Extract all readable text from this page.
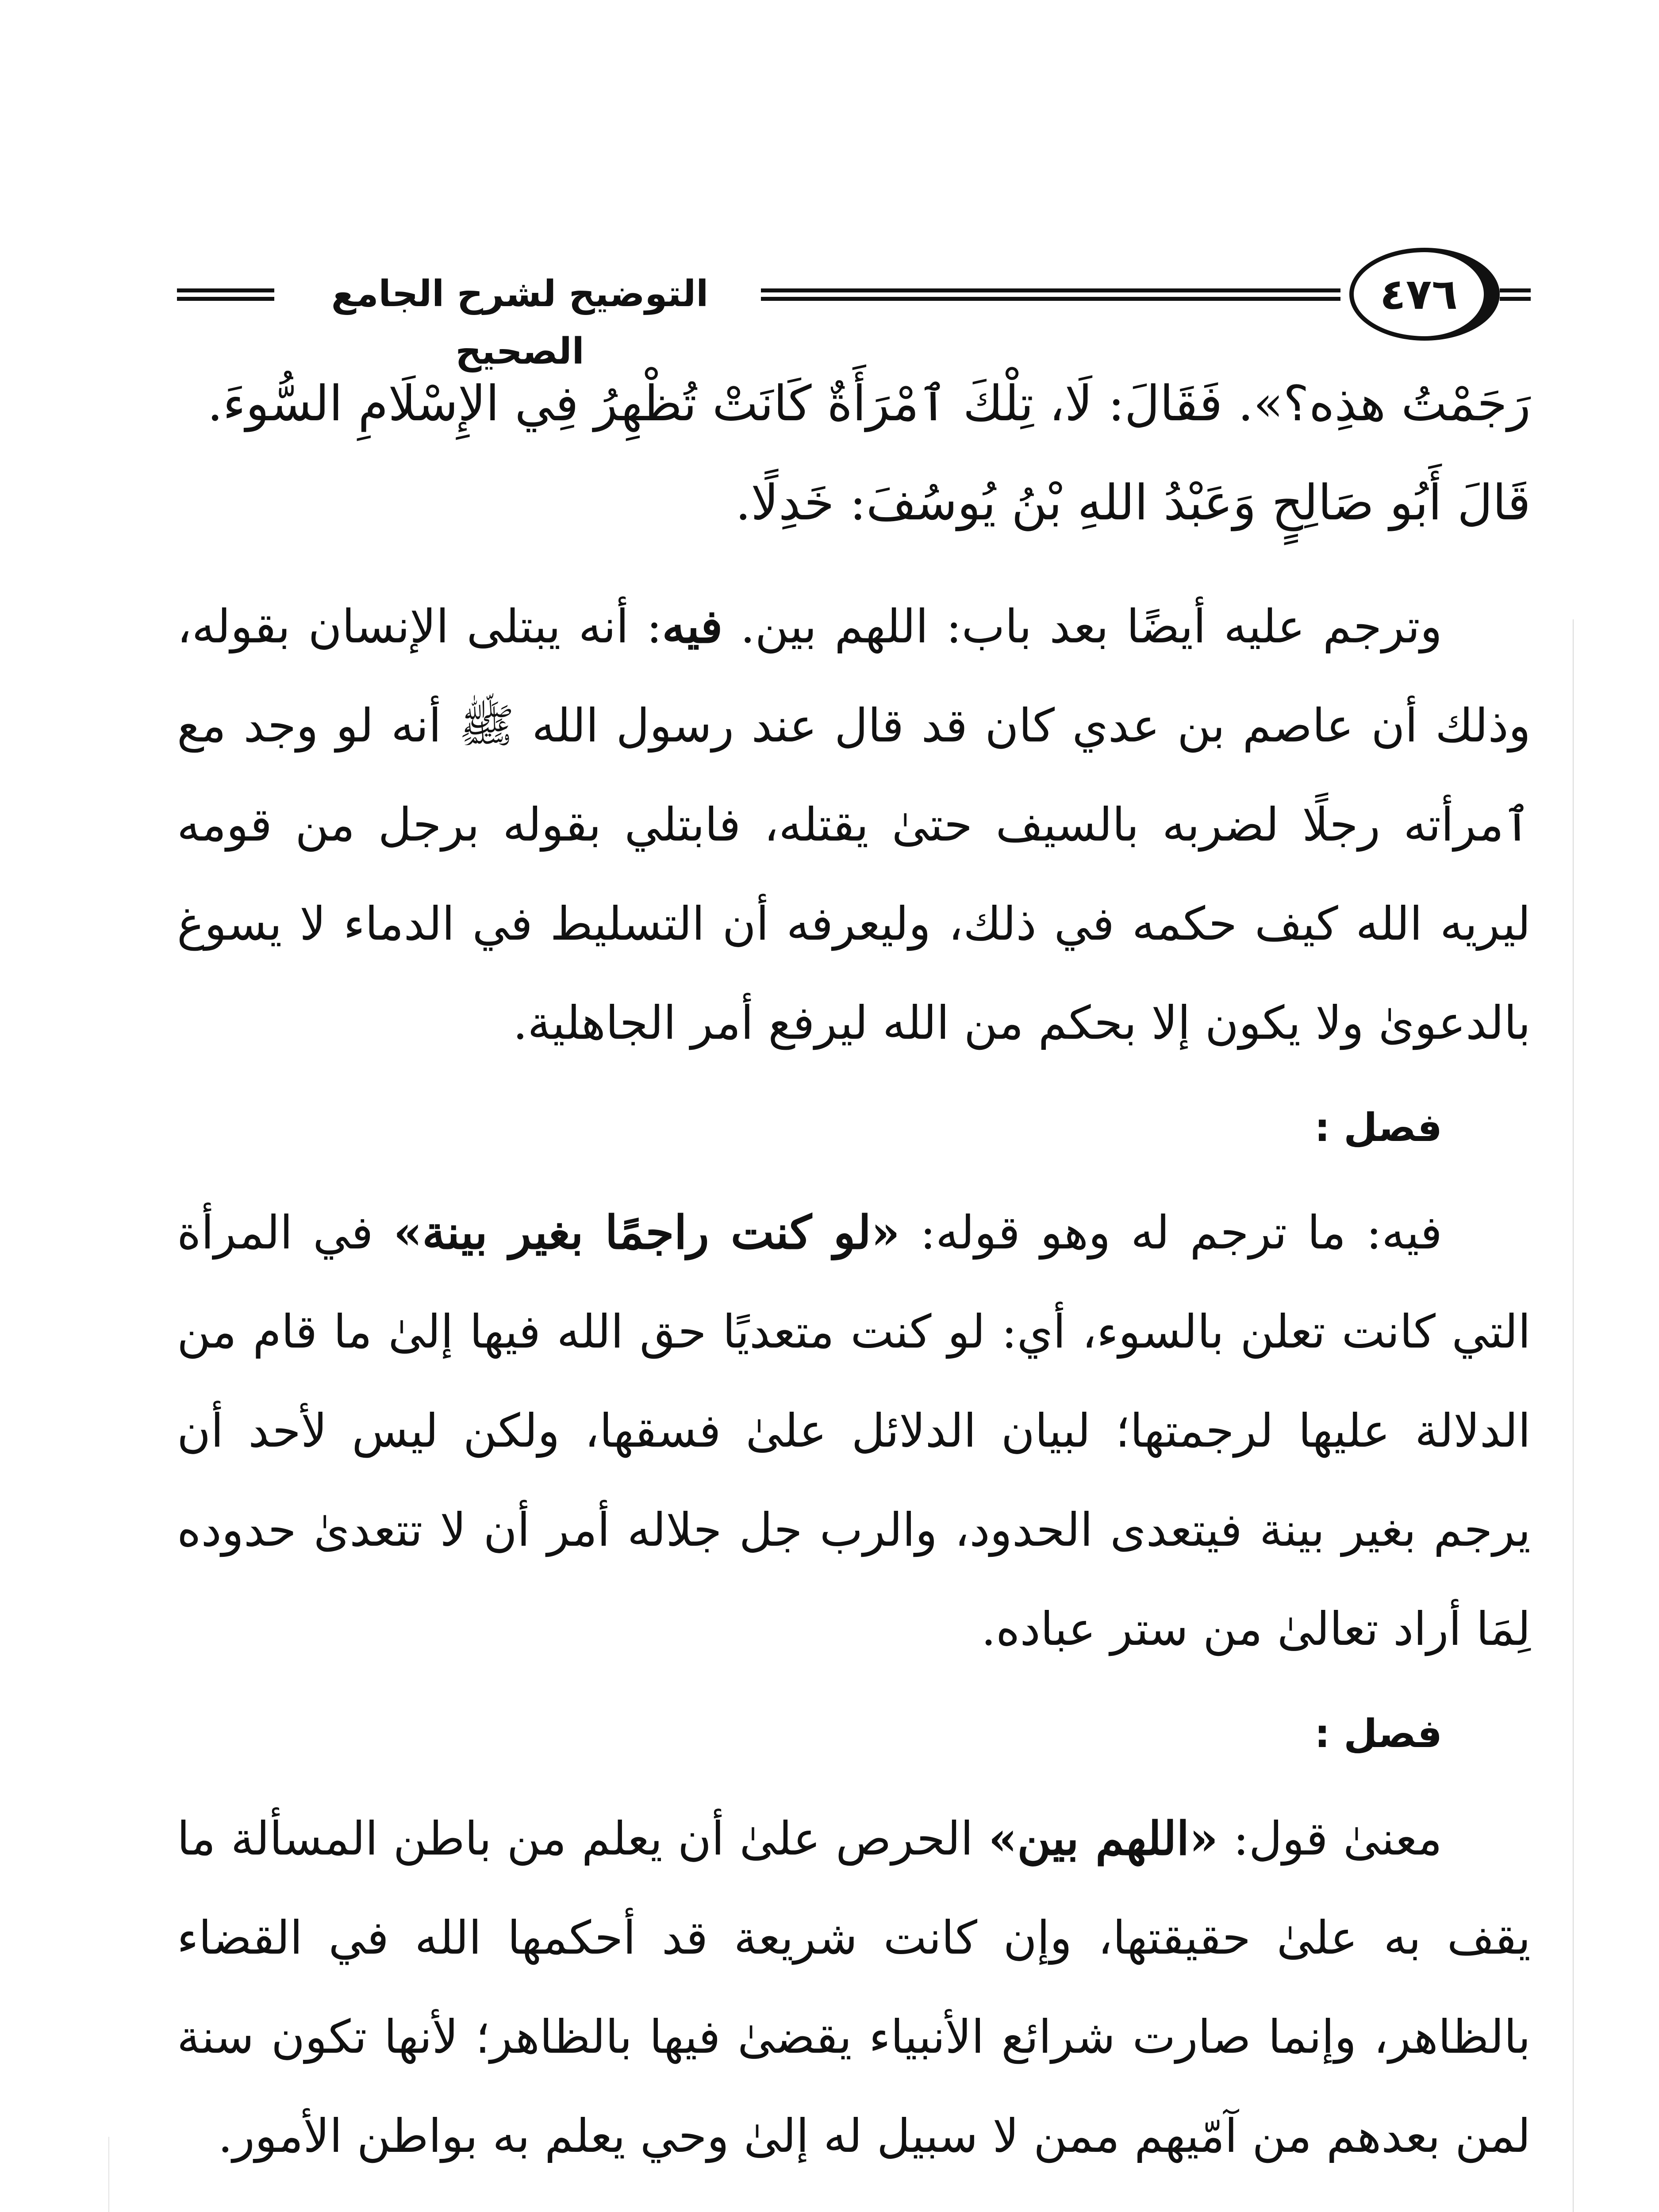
التوضيح لشرح الجامع الصحيح
٤٧٦

رَجَمْتُ هذِه؟». فَقَالَ: لَا، تِلْكَ ٱمْرَأَةٌ كَانَتْ تُظْهِرُ فِي الإِسْلَامِ السُّوءَ.

قَالَ أَبُو صَالِحٍ وَعَبْدُ اللهِ بْنُ يُوسُفَ: خَدِلًا.

وترجم عليه أيضًا بعد باب: اللهم بين. فيه: أنه يبتلى الإنسان بقوله، وذلك أن عاصم بن عدي كان قد قال عند رسول الله ﷺ أنه لو وجد مع ٱمرأته رجلًا لضربه بالسيف حتىٰ يقتله، فابتلي بقوله برجل من قومه ليريه الله كيف حكمه في ذلك، وليعرفه أن التسليط في الدماء لا يسوغ بالدعوىٰ ولا يكون إلا بحكم من الله ليرفع أمر الجاهلية.

فصل :

فيه: ما ترجم له وهو قوله: «لو كنت راجمًا بغير بينة» في المرأة التي كانت تعلن بالسوء، أي: لو كنت متعديًا حق الله فيها إلىٰ ما قام من الدلالة عليها لرجمتها؛ لبيان الدلائل علىٰ فسقها، ولكن ليس لأحد أن يرجم بغير بينة فيتعدى الحدود، والرب جل جلاله أمر أن لا تتعدىٰ حدوده لِمَا أراد تعالىٰ من ستر عباده.

فصل :

معنىٰ قول: «اللهم بين» الحرص علىٰ أن يعلم من باطن المسألة ما يقف به علىٰ حقيقتها، وإن كانت شريعة قد أحكمها الله في القضاء بالظاهر، وإنما صارت شرائع الأنبياء يقضىٰ فيها بالظاهر؛ لأنها تكون سنة لمن بعدهم من آمّيهم ممن لا سبيل له إلىٰ وحي يعلم به بواطن الأمور.
